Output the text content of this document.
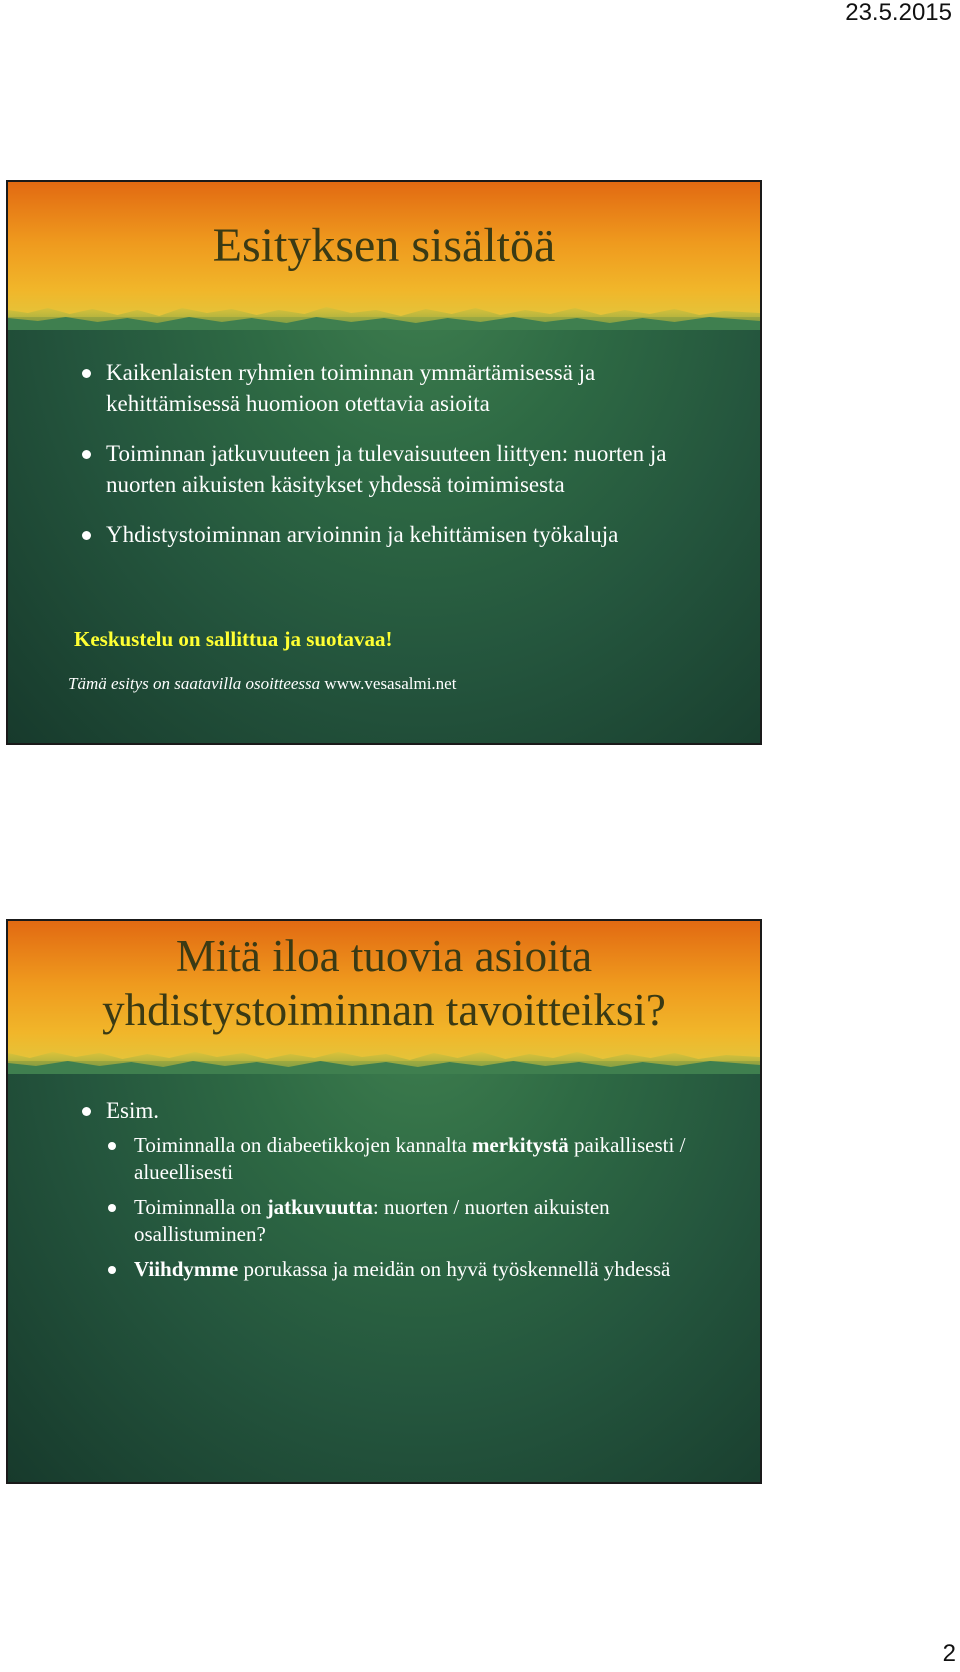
23.5.2015
Esityksen sisältöä
Kaikenlaisten ryhmien toiminnan ymmärtämisessä ja kehittämisessä huomioon otettavia asioita
Toiminnan jatkuvuuteen ja tulevaisuuteen liittyen: nuorten ja nuorten aikuisten käsitykset yhdessä toimimisesta
Yhdistystoiminnan arvioinnin ja kehittämisen työkaluja
Keskustelu on sallittua ja suotavaa!
Tämä esitys on saatavilla osoitteessa www.vesasalmi.net
Mitä iloa tuovia asioita
yhdistystoiminnan tavoitteiksi?
Esim.
Toiminnalla on diabeetikkojen kannalta merkitystä paikallisesti / alueellisesti
Toiminnalla on jatkuvuutta: nuorten / nuorten aikuisten osallistuminen?
Viihdymme porukassa ja meidän on hyvä työskennellä yhdessä
2
